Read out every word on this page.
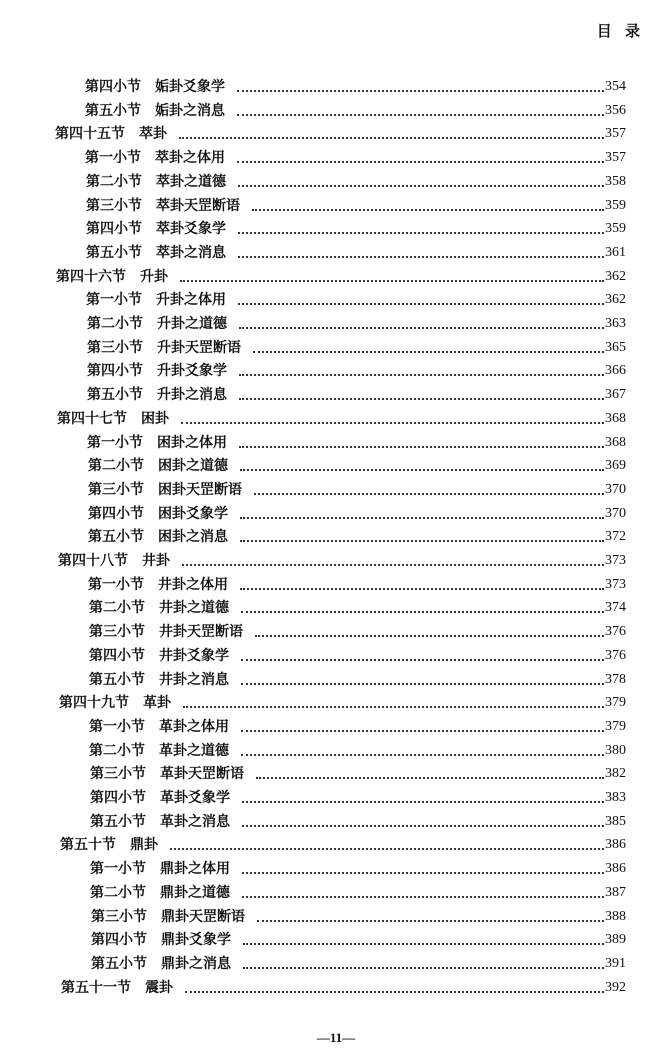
目 录
第四小节 姤卦爻象学	354
第五小节 姤卦之消息	356
第四十五节 萃卦	357
第一小节 萃卦之体用	357
第二小节 萃卦之道德	358
第三小节 萃卦天罡断语	359
第四小节 萃卦爻象学	359
第五小节 萃卦之消息	361
第四十六节 升卦	362
第一小节 升卦之体用	362
第二小节 升卦之道德	363
第三小节 升卦天罡断语	365
第四小节 升卦爻象学	366
第五小节 升卦之消息	367
第四十七节 困卦	368
第一小节 困卦之体用	368
第二小节 困卦之道德	369
第三小节 困卦天罡断语	370
第四小节 困卦爻象学	370
第五小节 困卦之消息	372
第四十八节 井卦	373
第一小节 井卦之体用	373
第二小节 井卦之道德	374
第三小节 井卦天罡断语	376
第四小节 井卦爻象学	376
第五小节 井卦之消息	378
第四十九节 革卦	379
第一小节 革卦之体用	379
第二小节 革卦之道德	380
第三小节 革卦天罡断语	382
第四小节 革卦爻象学	383
第五小节 革卦之消息	385
第五十节 鼎卦	386
第一小节 鼎卦之体用	386
第二小节 鼎卦之道德	387
第三小节 鼎卦天罡断语	388
第四小节 鼎卦爻象学	389
第五小节 鼎卦之消息	391
第五十一节 震卦	392
—11—
